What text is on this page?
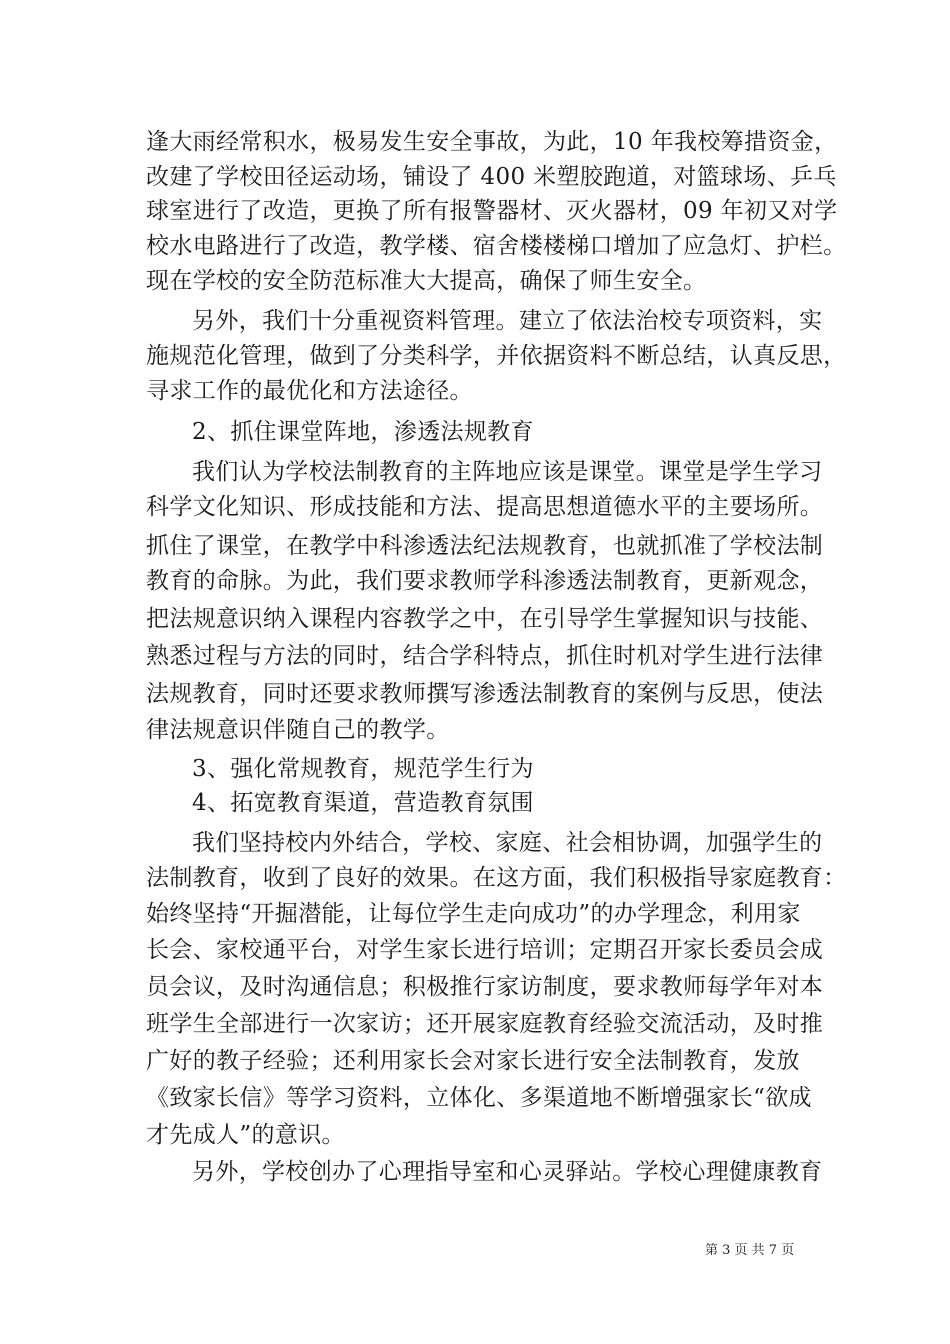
逢大雨经常积水，极易发生安全事故，为此，10 年我校筹措资金，
改建了学校田径运动场，铺设了 400 米塑胶跑道，对篮球场、乒乓
球室进行了改造，更换了所有报警器材、灭火器材，09 年初又对学
校水电路进行了改造，教学楼、宿舍楼楼梯口增加了应急灯、护栏。
现在学校的安全防范标准大大提高，确保了师生安全。
另外，我们十分重视资料管理。建立了依法治校专项资料，实
施规范化管理，做到了分类科学，并依据资料不断总结，认真反思，
寻求工作的最优化和方法途径。
2、抓住课堂阵地，渗透法规教育
我们认为学校法制教育的主阵地应该是课堂。课堂是学生学习
科学文化知识、形成技能和方法、提高思想道德水平的主要场所。
抓住了课堂，在教学中科渗透法纪法规教育，也就抓准了学校法制
教育的命脉。为此，我们要求教师学科渗透法制教育，更新观念，
把法规意识纳入课程内容教学之中，在引导学生掌握知识与技能、
熟悉过程与方法的同时，结合学科特点，抓住时机对学生进行法律
法规教育，同时还要求教师撰写渗透法制教育的案例与反思，使法
律法规意识伴随自己的教学。
3、强化常规教育，规范学生行为
4、拓宽教育渠道，营造教育氛围
我们坚持校内外结合，学校、家庭、社会相协调，加强学生的
法制教育，收到了良好的效果。在这方面，我们积极指导家庭教育：
始终坚持“开掘潜能，让每位学生走向成功”的办学理念，利用家
长会、家校通平台，对学生家长进行培训；定期召开家长委员会成
员会议，及时沟通信息；积极推行家访制度，要求教师每学年对本
班学生全部进行一次家访；还开展家庭教育经验交流活动，及时推
广好的教子经验；还利用家长会对家长进行安全法制教育，发放
《致家长信》等学习资料，立体化、多渠道地不断增强家长“欲成
才先成人”的意识。
另外，学校创办了心理指导室和心灵驿站。学校心理健康教育
第 3 页 共 7 页
